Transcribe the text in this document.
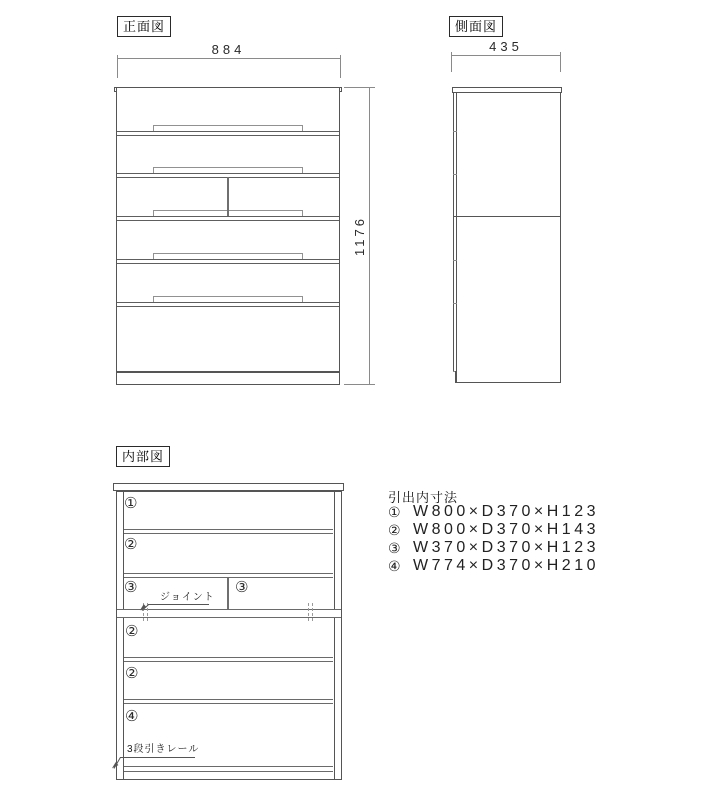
正面図
884
1176
側面図
435
内部図
①
②
③	③
②
②
④
ジョイント
3段引きレール
引出内寸法
① W800×D370×H123
② W800×D370×H143
③ W370×D370×H123
④ W774×D370×H210
